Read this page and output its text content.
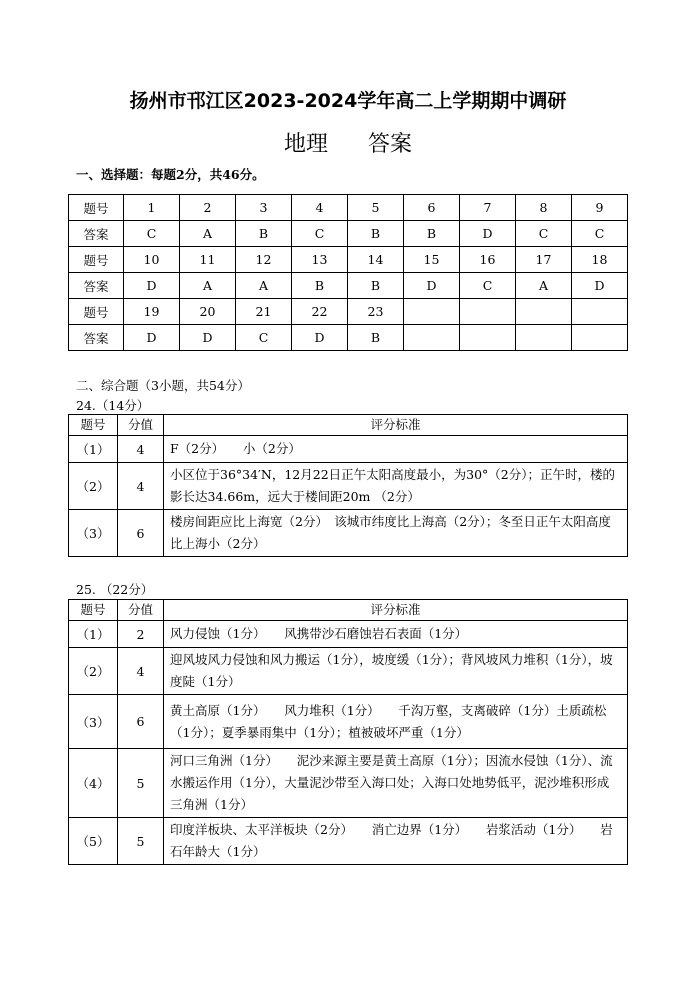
扬州市邗江区2023-2024学年高二上学期期中调研
地理 答案
一、选择题：每题2分，共46分。
题号	1	2	3	4	5	6	7	8	9
答案	C	A	B	C	B	B	D	C	C
题号	10	11	12	13	14	15	16	17	18
答案	D	A	A	B	B	D	C	A	D
题号	19	20	21	22	23				
答案	D	D	C	D	B				
二、综合题（3小题，共54分）
24.（14分）
题号	分值	评分标准
（1）	4	F（2分）　　小（2分）
（2）	4	小区位于36°34′N，12月22日正午太阳高度最小，为30°（2分）；正午时，楼的影长达34.66m，远大于楼间距20m （2分）
（3）	6	楼房间距应比上海宽（2分）　该城市纬度比上海高（2分）；冬至日正午太阳高度比上海小（2分）
25. （22分）
题号	分值	评分标准
（1）	2	风力侵蚀（1分）　　风携带沙石磨蚀岩石表面（1分）
（2）	4	迎风坡风力侵蚀和风力搬运（1分），坡度缓（1分）；背风坡风力堆积（1分），坡度陡（1分）
（3）	6	黄土高原（1分）　　风力堆积（1分）　　千沟万壑，支离破碎（1分）土质疏松（1分）；夏季暴雨集中（1分）；植被破坏严重（1分）
（4）	5	河口三角洲（1分）　　泥沙来源主要是黄土高原（1分）；因流水侵蚀（1分）、流水搬运作用（1分），大量泥沙带至入海口处；入海口处地势低平，泥沙堆积形成三角洲（1分）
（5）	5	印度洋板块、太平洋板块（2分）　　消亡边界（1分）　　岩浆活动（1分）　　岩石年龄大（1分）
